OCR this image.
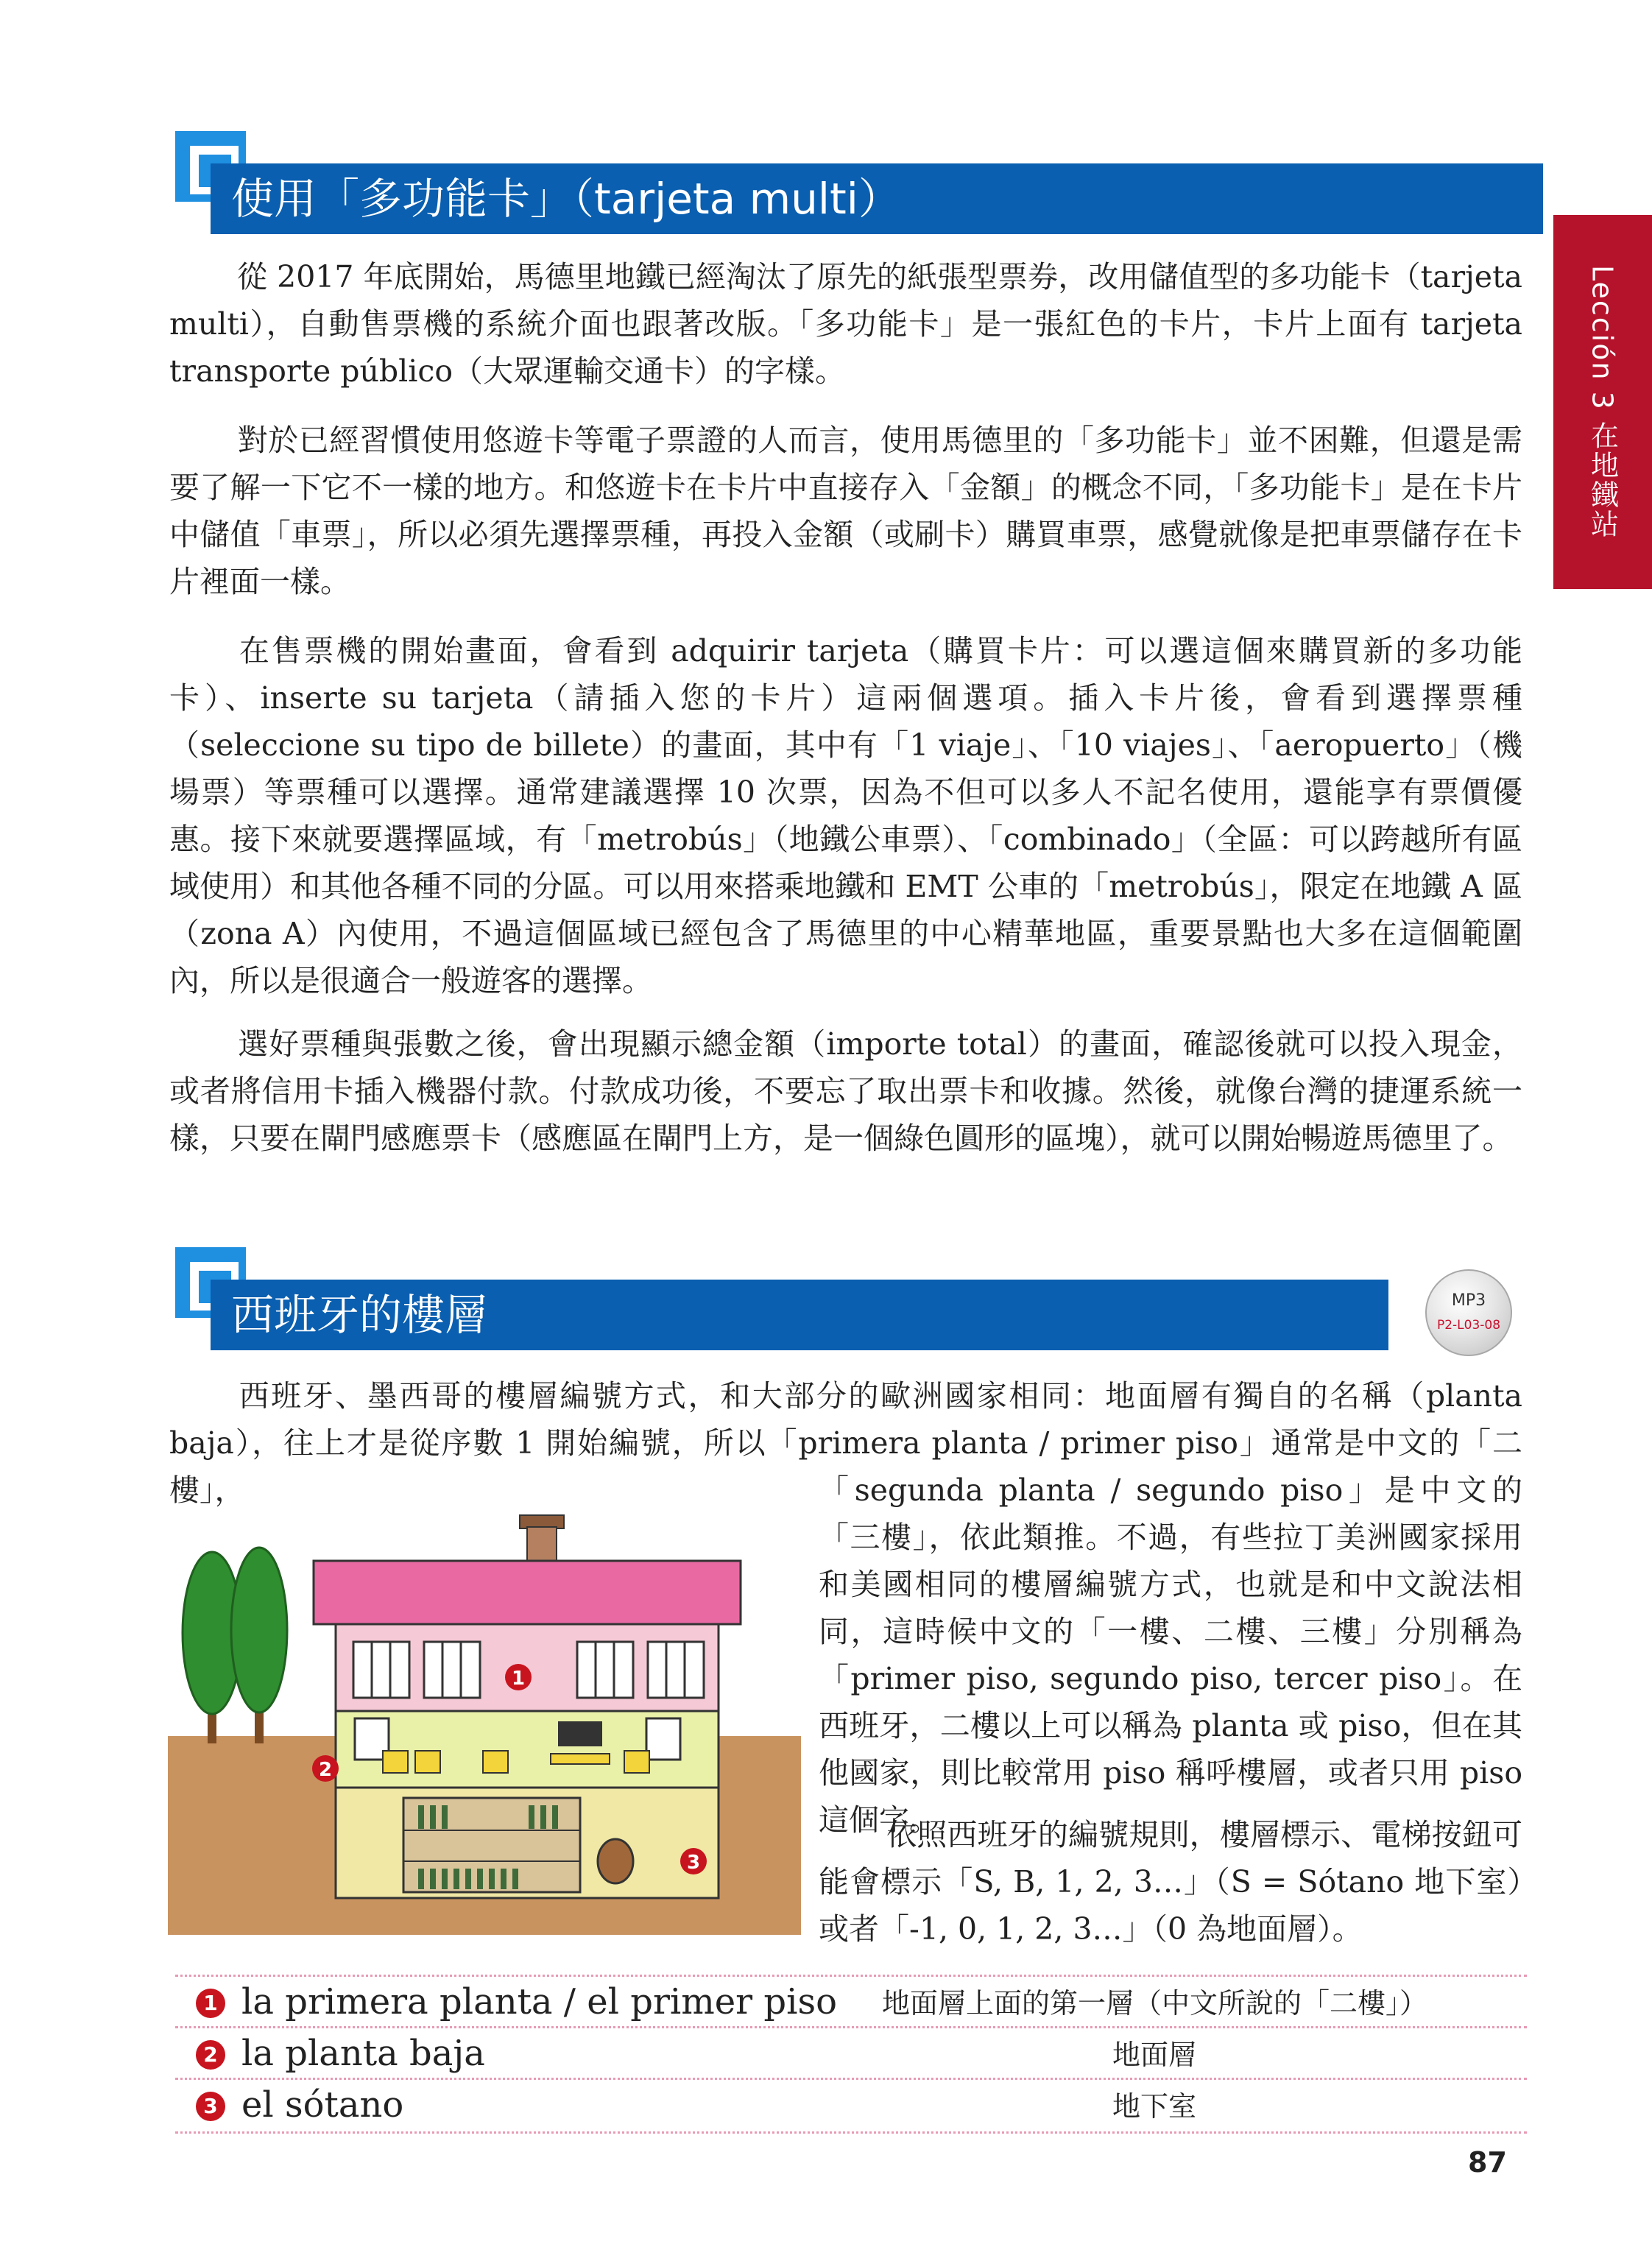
使用「多功能卡」（tarjeta multi）
Lección 3 在地鐵站

從 2017 年底開始，馬德里地鐵已經淘汰了原先的紙張型票券，改用儲值型的多功能卡（tarjeta multi），自動售票機的系統介面也跟著改版。「多功能卡」是一張紅色的卡片，卡片上面有 tarjeta transporte público（大眾運輸交通卡）的字樣。

對於已經習慣使用悠遊卡等電子票證的人而言，使用馬德里的「多功能卡」並不困難，但還是需要了解一下它不一樣的地方。和悠遊卡在卡片中直接存入「金額」的概念不同，「多功能卡」是在卡片中儲值「車票」，所以必須先選擇票種，再投入金額（或刷卡）購買車票，感覺就像是把車票儲存在卡片裡面一樣。

在售票機的開始畫面，會看到 adquirir tarjeta（購買卡片：可以選這個來購買新的多功能卡）、inserte su tarjeta（請插入您的卡片）這兩個選項。插入卡片後，會看到選擇票種（seleccione su tipo de billete）的畫面，其中有「1 viaje」、「10 viajes」、「aeropuerto」（機場票）等票種可以選擇。通常建議選擇 10 次票，因為不但可以多人不記名使用，還能享有票價優惠。接下來就要選擇區域，有「metrobús」（地鐵公車票）、「combinado」（全區：可以跨越所有區域使用）和其他各種不同的分區。可以用來搭乘地鐵和 EMT 公車的「metrobús」，限定在地鐵 A 區（zona A）內使用，不過這個區域已經包含了馬德里的中心精華地區，重要景點也大多在這個範圍內，所以是很適合一般遊客的選擇。

選好票種與張數之後，會出現顯示總金額（importe total）的畫面，確認後就可以投入現金，或者將信用卡插入機器付款。付款成功後，不要忘了取出票卡和收據。然後，就像台灣的捷運系統一樣，只要在閘門感應票卡（感應區在閘門上方，是一個綠色圓形的區塊），就可以開始暢遊馬德里了。

西班牙的樓層	MP3
P2-L03-08

西班牙、墨西哥的樓層編號方式，和大部分的歐洲國家相同：地面層有獨自的名稱（planta baja），往上才是從序數 1 開始編號，所以「primera planta / primer piso」通常是中文的「二樓」，	「segunda planta / segundo piso」是中文的「三樓」，依此類推。不過，有些拉丁美洲國家採用和美國相同的樓層編號方式，也就是和中文說法相同，這時候中文的「一樓、二樓、三樓」分別稱為「primer piso, segundo piso, tercer piso」。在西班牙，二樓以上可以稱為 planta 或 piso，但在其他國家，則比較常用 piso 稱呼樓層，或者只用 piso 這個字。

依照西班牙的編號規則，樓層標示、電梯按鈕可能會標示「S, B, 1, 2, 3…」（S = Sótano 地下室）或者「-1, 0, 1, 2, 3…」（0 為地面層）。

1
2
3
1 la primera planta / el primer piso 地面層上面的第一層（中文所說的「二樓」）
2 la planta baja	地面層
3 el sótano	地下室
87
